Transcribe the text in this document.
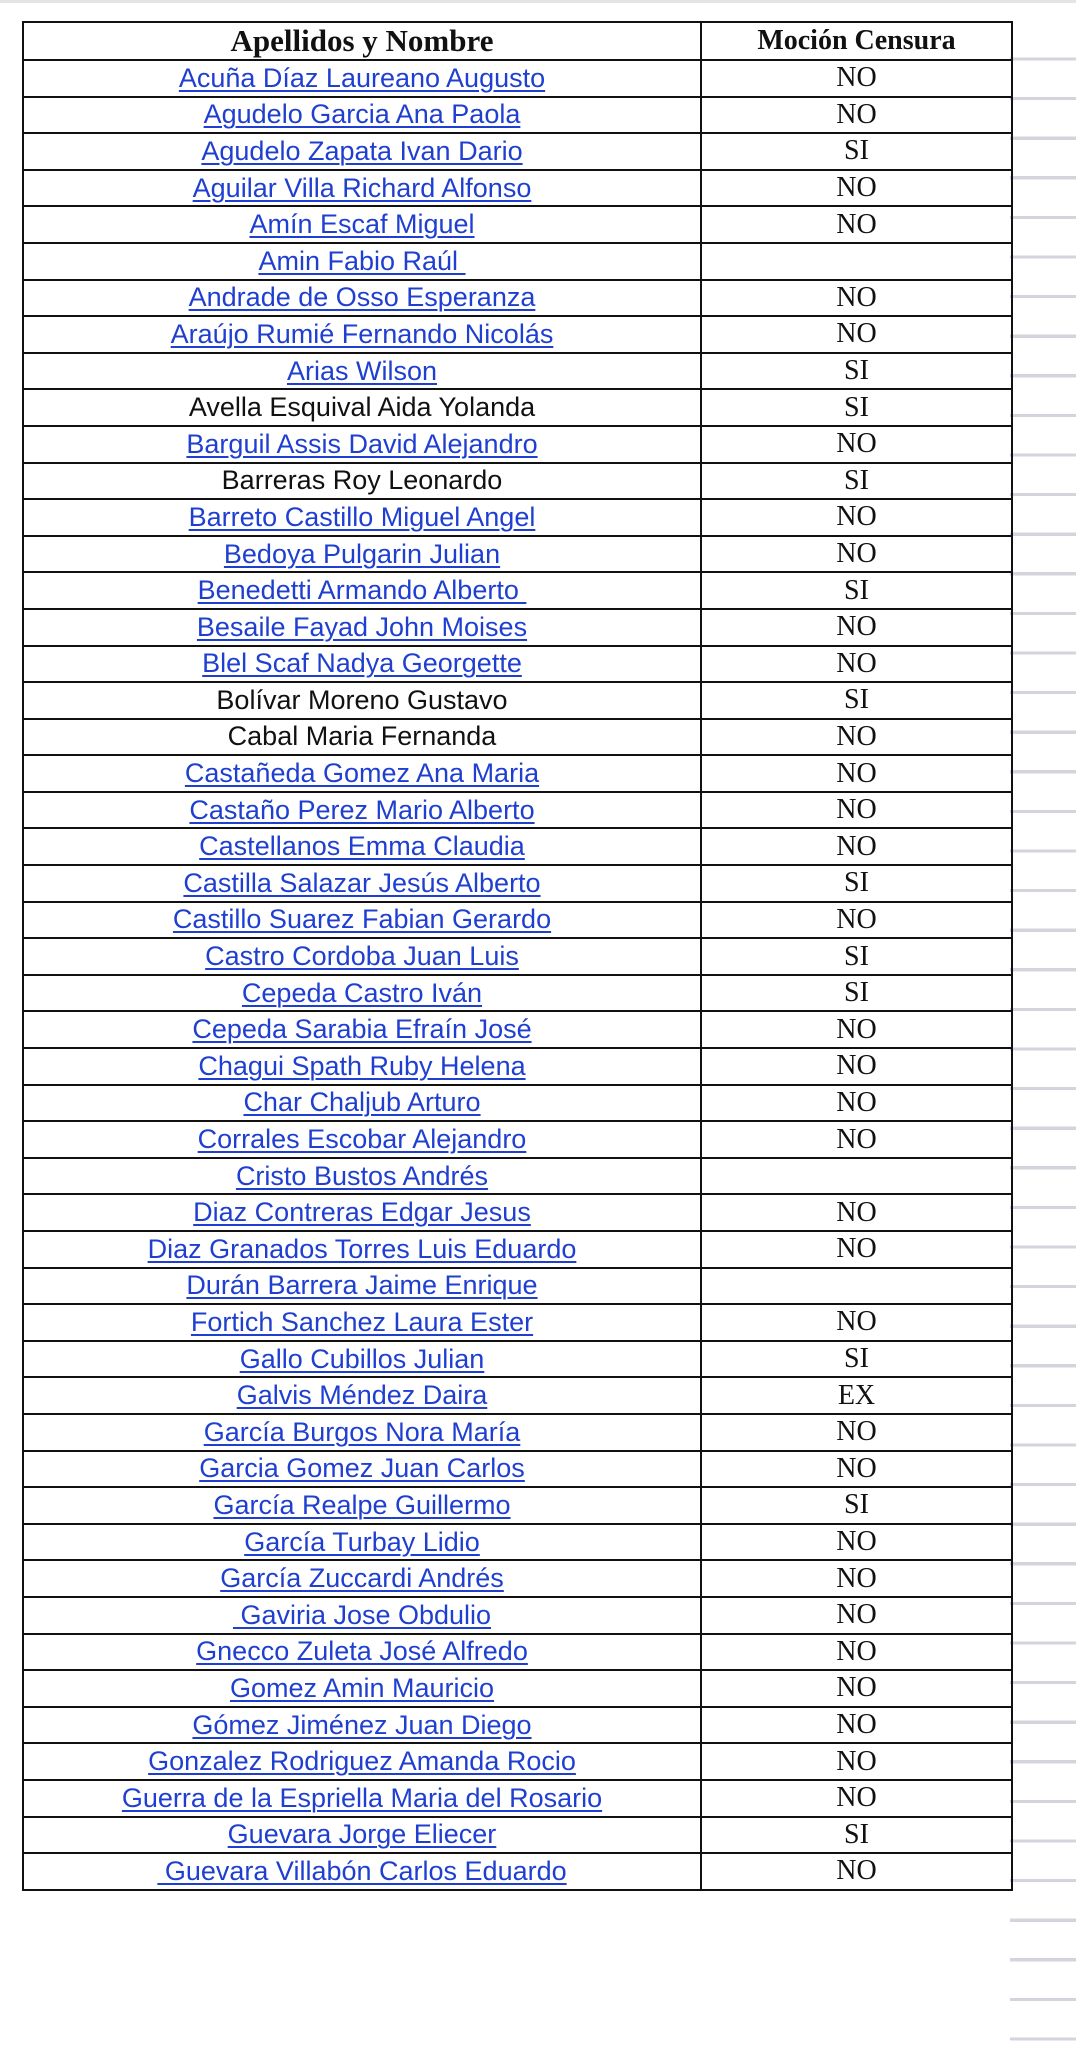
Apellidos y Nombre	Moción Censura
Acuña Díaz Laureano Augusto	NO
Agudelo Garcia Ana Paola	NO
Agudelo Zapata Ivan Dario	SI
Aguilar Villa Richard Alfonso	NO
Amín Escaf Miguel	NO
Amin Fabio Raúl	
Andrade de Osso Esperanza	NO
Araújo Rumié Fernando Nicolás	NO
Arias Wilson	SI
Avella Esquival Aida Yolanda	SI
Barguil Assis David Alejandro	NO
Barreras Roy Leonardo	SI
Barreto Castillo Miguel Angel	NO
Bedoya Pulgarin Julian	NO
Benedetti Armando Alberto	SI
Besaile Fayad John Moises	NO
Blel Scaf Nadya Georgette	NO
Bolívar Moreno Gustavo	SI
Cabal Maria Fernanda	NO
Castañeda Gomez Ana Maria	NO
Castaño Perez Mario Alberto	NO
Castellanos Emma Claudia	NO
Castilla Salazar Jesús Alberto	SI
Castillo Suarez Fabian Gerardo	NO
Castro Cordoba Juan Luis	SI
Cepeda Castro Iván	SI
Cepeda Sarabia Efraín José	NO
Chagui Spath Ruby Helena	NO
Char Chaljub Arturo	NO
Corrales Escobar Alejandro	NO
Cristo Bustos Andrés	
Diaz Contreras Edgar Jesus	NO
Diaz Granados Torres Luis Eduardo	NO
Durán Barrera Jaime Enrique	
Fortich Sanchez Laura Ester	NO
Gallo Cubillos Julian	SI
Galvis Méndez Daira	EX
García Burgos Nora María	NO
Garcia Gomez Juan Carlos	NO
García Realpe Guillermo	SI
García Turbay Lidio	NO
García Zuccardi Andrés	NO
Gaviria Jose Obdulio	NO
Gnecco Zuleta José Alfredo	NO
Gomez Amin Mauricio	NO
Gómez Jiménez Juan Diego	NO
Gonzalez Rodriguez Amanda Rocio	NO
Guerra de la Espriella Maria del Rosario	NO
Guevara Jorge Eliecer	SI
Guevara Villabón Carlos Eduardo	NO
